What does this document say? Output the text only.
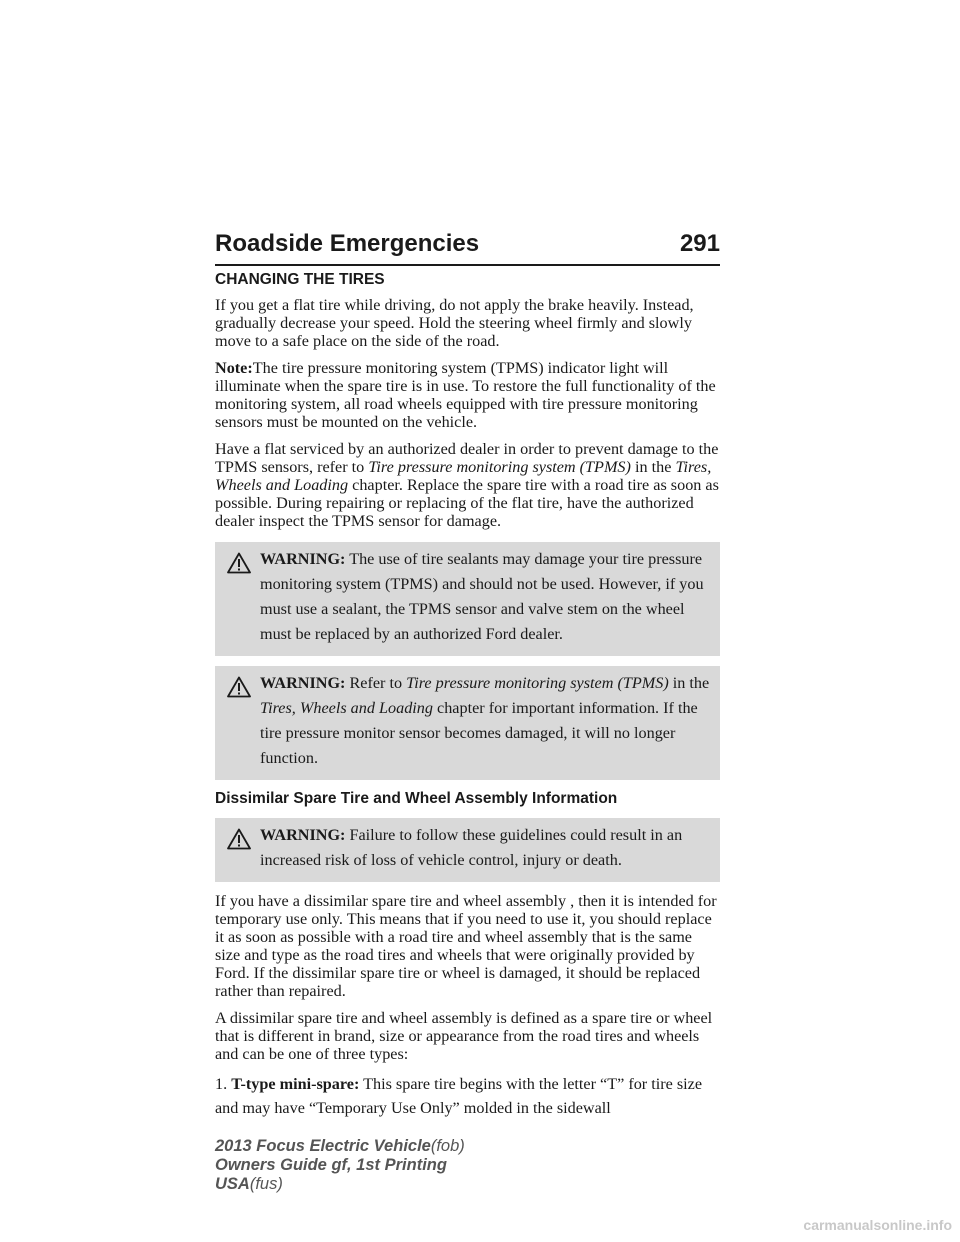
Roadside Emergencies	291
CHANGING THE TIRES

If you get a flat tire while driving, do not apply the brake heavily. Instead, gradually decrease your speed. Hold the steering wheel firmly and slowly move to a safe place on the side of the road.

Note:The tire pressure monitoring system (TPMS) indicator light will illuminate when the spare tire is in use. To restore the full functionality of the monitoring system, all road wheels equipped with tire pressure monitoring sensors must be mounted on the vehicle.

Have a flat serviced by an authorized dealer in order to prevent damage to the TPMS sensors, refer to Tire pressure monitoring system (TPMS) in the Tires, Wheels and Loading chapter. Replace the spare tire with a road tire as soon as possible. During repairing or replacing of the flat tire, have the authorized dealer inspect the TPMS sensor for damage.

WARNING: The use of tire sealants may damage your tire pressure monitoring system (TPMS) and should not be used. However, if you must use a sealant, the TPMS sensor and valve stem on the wheel must be replaced by an authorized Ford dealer.
WARNING: Refer to Tire pressure monitoring system (TPMS) in the Tires, Wheels and Loading chapter for important information. If the tire pressure monitor sensor becomes damaged, it will no longer function.
Dissimilar Spare Tire and Wheel Assembly Information
WARNING: Failure to follow these guidelines could result in an increased risk of loss of vehicle control, injury or death.

If you have a dissimilar spare tire and wheel assembly , then it is intended for temporary use only. This means that if you need to use it, you should replace it as soon as possible with a road tire and wheel assembly that is the same size and type as the road tires and wheels that were originally provided by Ford. If the dissimilar spare tire or wheel is damaged, it should be replaced rather than repaired.

A dissimilar spare tire and wheel assembly is defined as a spare tire or wheel that is different in brand, size or appearance from the road tires and wheels and can be one of three types:

1. T-type mini-spare: This spare tire begins with the letter “T” for tire size and may have “Temporary Use Only” molded in the sidewall

2013 Focus Electric Vehicle(fob)
Owners Guide gf, 1st Printing
USA(fus)
carmanualsonline.info
